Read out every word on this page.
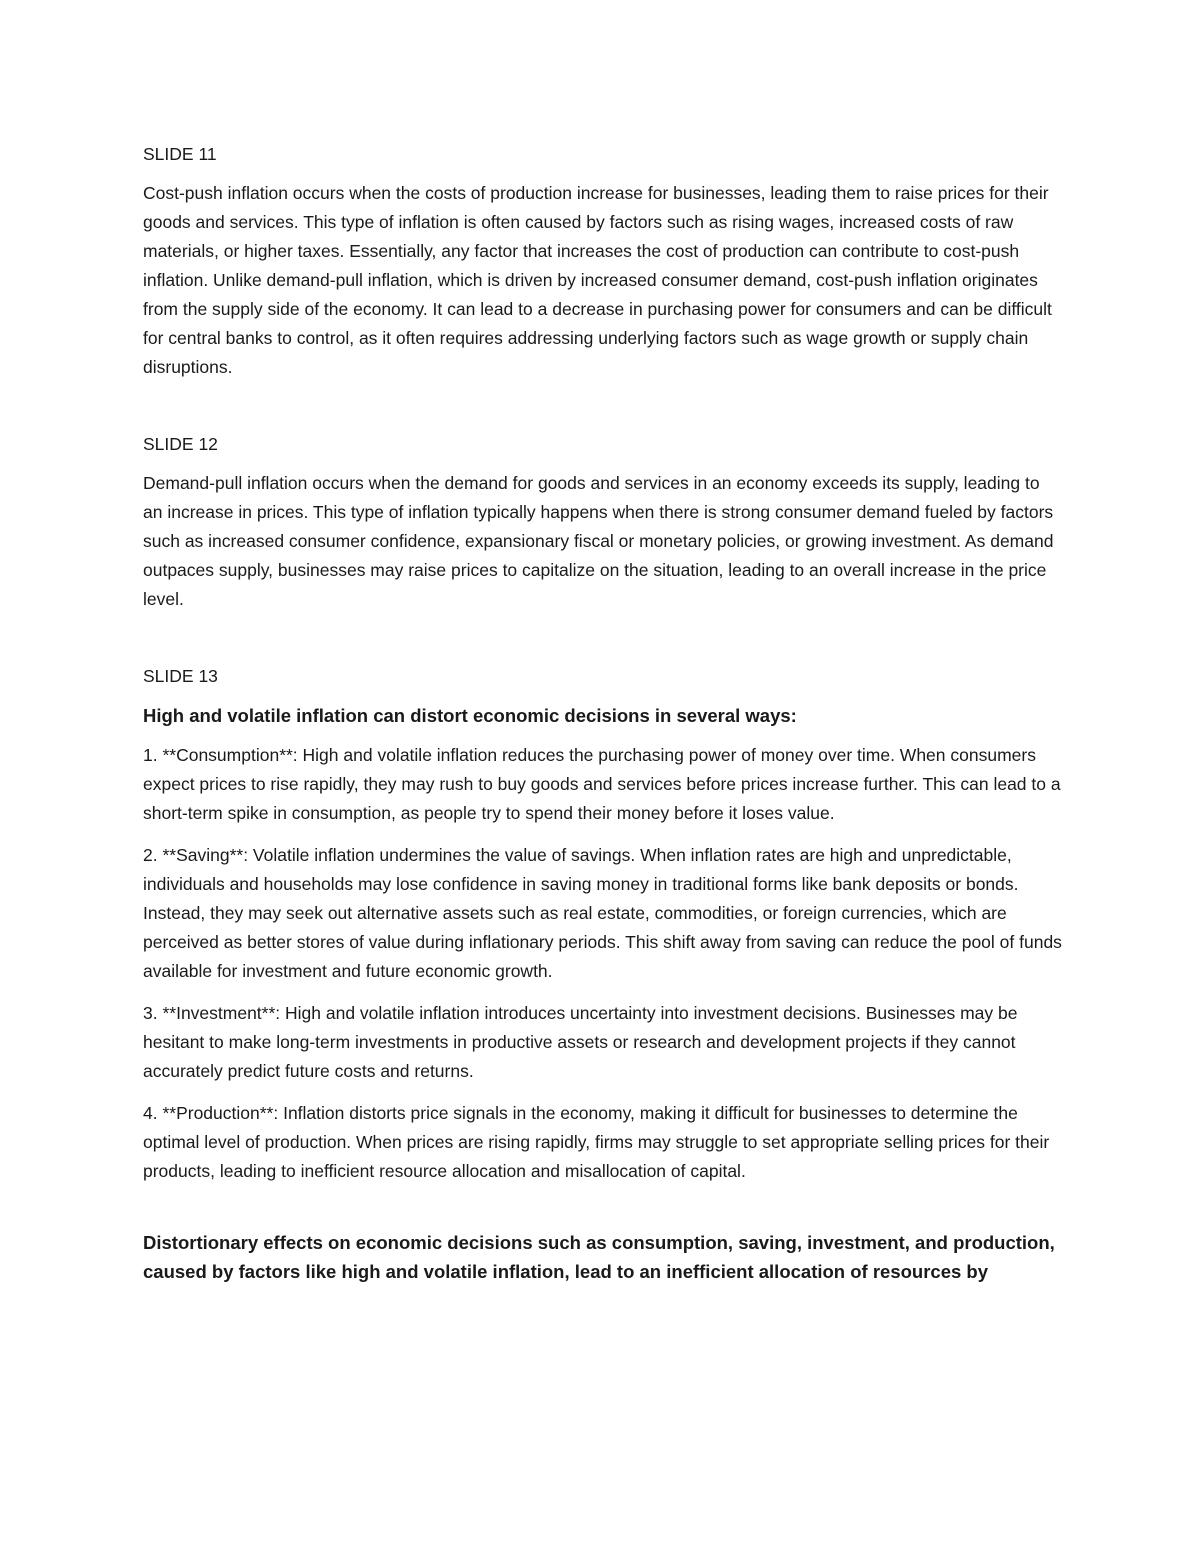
SLIDE 11

Cost-push inflation occurs when the costs of production increase for businesses, leading them to raise prices for their goods and services. This type of inflation is often caused by factors such as rising wages, increased costs of raw materials, or higher taxes. Essentially, any factor that increases the cost of production can contribute to cost-push inflation. Unlike demand-pull inflation, which is driven by increased consumer demand, cost-push inflation originates from the supply side of the economy. It can lead to a decrease in purchasing power for consumers and can be difficult for central banks to control, as it often requires addressing underlying factors such as wage growth or supply chain disruptions.

SLIDE 12

Demand-pull inflation occurs when the demand for goods and services in an economy exceeds its supply, leading to an increase in prices. This type of inflation typically happens when there is strong consumer demand fueled by factors such as increased consumer confidence, expansionary fiscal or monetary policies, or growing investment. As demand outpaces supply, businesses may raise prices to capitalize on the situation, leading to an overall increase in the price level.

SLIDE 13
High and volatile inflation can distort economic decisions in several ways:

1. **Consumption**: High and volatile inflation reduces the purchasing power of money over time. When consumers expect prices to rise rapidly, they may rush to buy goods and services before prices increase further. This can lead to a short-term spike in consumption, as people try to spend their money before it loses value.

2. **Saving**: Volatile inflation undermines the value of savings. When inflation rates are high and unpredictable, individuals and households may lose confidence in saving money in traditional forms like bank deposits or bonds. Instead, they may seek out alternative assets such as real estate, commodities, or foreign currencies, which are perceived as better stores of value during inflationary periods. This shift away from saving can reduce the pool of funds available for investment and future economic growth.

3. **Investment**: High and volatile inflation introduces uncertainty into investment decisions. Businesses may be hesitant to make long-term investments in productive assets or research and development projects if they cannot accurately predict future costs and returns.

4. **Production**: Inflation distorts price signals in the economy, making it difficult for businesses to determine the optimal level of production. When prices are rising rapidly, firms may struggle to set appropriate selling prices for their products, leading to inefficient resource allocation and misallocation of capital.

Distortionary effects on economic decisions such as consumption, saving, investment, and production, caused by factors like high and volatile inflation, lead to an inefficient allocation of resources by
